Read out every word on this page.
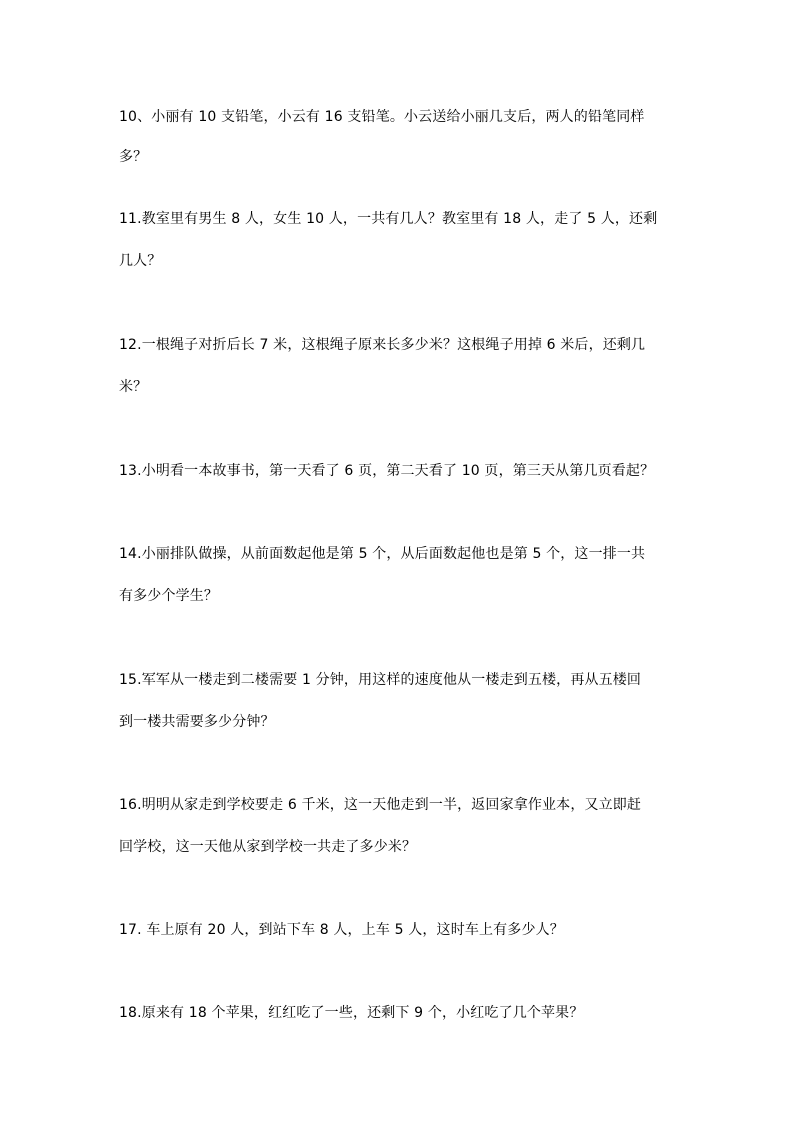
10、小丽有 10 支铅笔，小云有 16 支铅笔。小云送给小丽几支后，两人的铅笔同样
多？
11.教室里有男生 8 人，女生 10 人，一共有几人？教室里有 18 人，走了 5 人，还剩
几人？
12.一根绳子对折后长 7 米，这根绳子原来长多少米？这根绳子用掉 6 米后，还剩几
米？
13.小明看一本故事书，第一天看了 6 页，第二天看了 10 页，第三天从第几页看起？
14.小丽排队做操，从前面数起他是第 5 个，从后面数起他也是第 5 个，这一排一共
有多少个学生？
15.军军从一楼走到二楼需要 1 分钟，用这样的速度他从一楼走到五楼，再从五楼回
到一楼共需要多少分钟？
16.明明从家走到学校要走 6 千米，这一天他走到一半，返回家拿作业本，又立即赶
回学校，这一天他从家到学校一共走了多少米？
17. 车上原有 20 人，到站下车 8 人，上车 5 人，这时车上有多少人？
18.原来有 18 个苹果，红红吃了一些，还剩下 9 个，小红吃了几个苹果？
